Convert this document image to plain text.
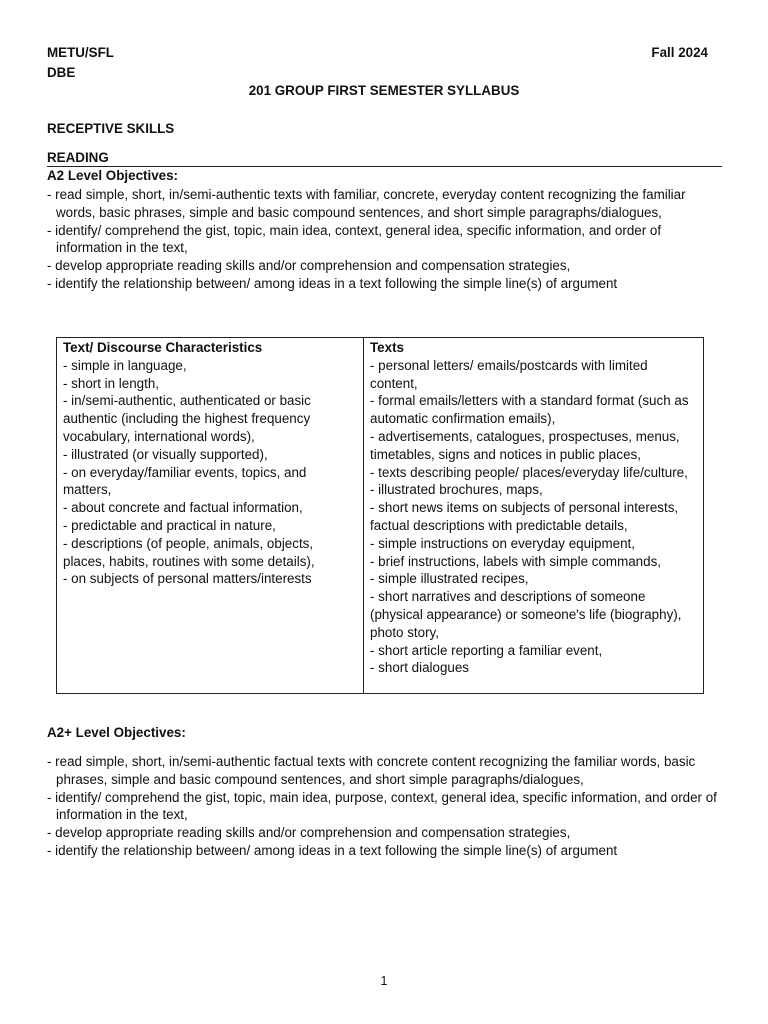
METU/SFL
DBE
Fall 2024
201 GROUP FIRST SEMESTER SYLLABUS
RECEPTIVE SKILLS
READING
A2 Level Objectives:
- read simple, short, in/semi-authentic texts with familiar, concrete, everyday content recognizing the familiar words, basic phrases, simple and basic compound sentences, and short simple paragraphs/dialogues,
- identify/ comprehend the gist, topic, main idea, context, general idea, specific information, and order of information in the text,
- develop appropriate reading skills and/or comprehension and compensation strategies,
- identify the relationship between/ among ideas in a text following the simple line(s) of argument
Text/ Discourse Characteristics
- simple in language,
- short in length,
- in/semi-authentic, authenticated or basic authentic (including the highest frequency vocabulary, international words),
- illustrated (or visually supported),
- on everyday/familiar events, topics, and matters,
- about concrete and factual information,
- predictable and practical in nature,
- descriptions (of people, animals, objects, places, habits, routines with some details),
- on subjects of personal matters/interests
Texts
- personal letters/ emails/postcards with limited content,
- formal emails/letters with a standard format (such as automatic confirmation emails),
- advertisements, catalogues, prospectuses, menus, timetables, signs and notices in public places,
- texts describing people/ places/everyday life/culture,
- illustrated brochures, maps,
- short news items on subjects of personal interests, factual descriptions with predictable details,
- simple instructions on everyday equipment,
- brief instructions, labels with simple commands,
- simple illustrated recipes,
- short narratives and descriptions of someone (physical appearance) or someone's life (biography), photo story,
- short article reporting a familiar event,
- short dialogues
A2+ Level Objectives:
- read simple, short, in/semi-authentic factual texts with concrete content recognizing the familiar words, basic phrases, simple and basic compound sentences, and short simple paragraphs/dialogues,
- identify/ comprehend the gist, topic, main idea, purpose, context, general idea, specific information, and order of information in the text,
- develop appropriate reading skills and/or comprehension and compensation strategies,
- identify the relationship between/ among ideas in a text following the simple line(s) of argument
1
